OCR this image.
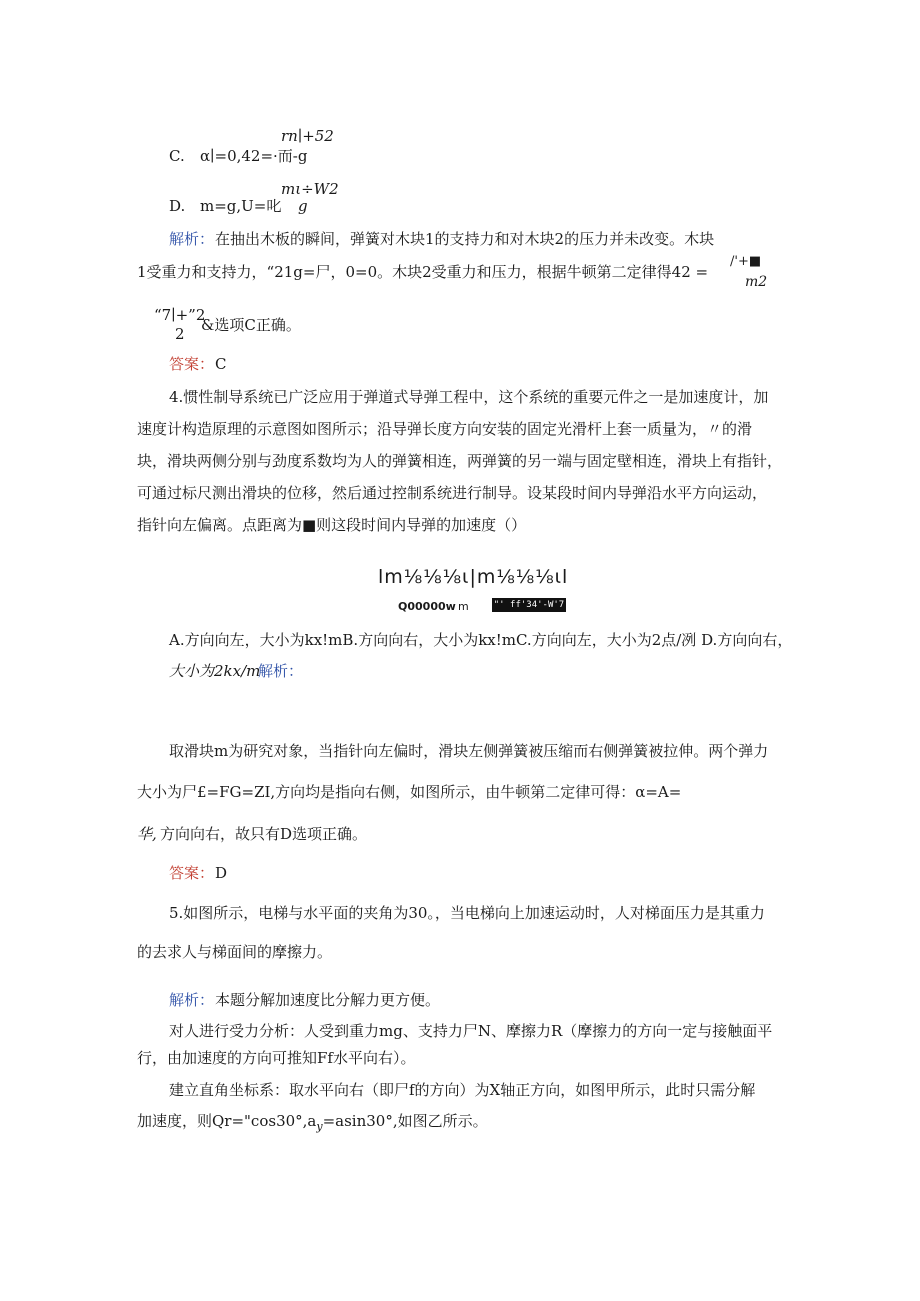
rn∣+52
C. α∣=0,42=·而-g
mι÷W2
D. m=g,U=叱 g
解析： 在抽出木板的瞬间，弹簧对木块1的支持力和对木块2的压力并未改变。木块
1受重力和支持力，“21g=尸，0=0。木块2受重力和压力，根据牛顿第二定律得42 =
/'+■
m2
“7∣+”2
2 &选项C正确。
答案： C
4.惯性制导系统已广泛应用于弹道式导弹工程中，这个系统的重要元件之一是加速度计，加
速度计构造原理的示意图如图所示；沿导弹长度方向安装的固定光滑杆上套一质量为，〃的滑
块，滑块两侧分别与劲度系数均为人的弹簧相连，两弹簧的另一端与固定壁相连，滑块上有指针，
可通过标尺测出滑块的位移，然后通过控制系统进行制导。设某段时间内导弹沿水平方向运动，
指针向左偏离。点距离为■则这段时间内导弹的加速度（）
lm⅛⅛⅛ι|m⅛⅛⅛ιl
Q00000w m	"' ff'34'-W'7 ff"
A.方向向左，大小为kx!mB.方向向右，大小为kx!mC.方向向左，大小为2点/冽 D.方向向右，
大小为2kx/m
解析：
取滑块m为研究对象，当指针向左偏时，滑块左侧弹簧被压缩而右侧弹簧被拉伸。两个弹力
大小为尸£=FG=ZI,方向均是指向右侧，如图所示，由牛顿第二定律可得：α=A=
华, 方向向右，故只有D选项正确。
答案： D
5.如图所示，电梯与水平面的夹角为30。，当电梯向上加速运动时，人对梯面压力是其重力
的去求人与梯面间的摩擦力。
解析： 本题分解加速度比分解力更方便。
对人进行受力分析：人受到重力mg、支持力尸N、摩擦力R（摩擦力的方向一定与接触面平
行，由加速度的方向可推知Ff水平向右）。
建立直角坐标系：取水平向右（即尸f的方向）为X轴正方向，如图甲所示，此时只需分解
加速度，则$Qr="\cos 30^\circ,a_y=asin30^\circ$,如图乙所示。
